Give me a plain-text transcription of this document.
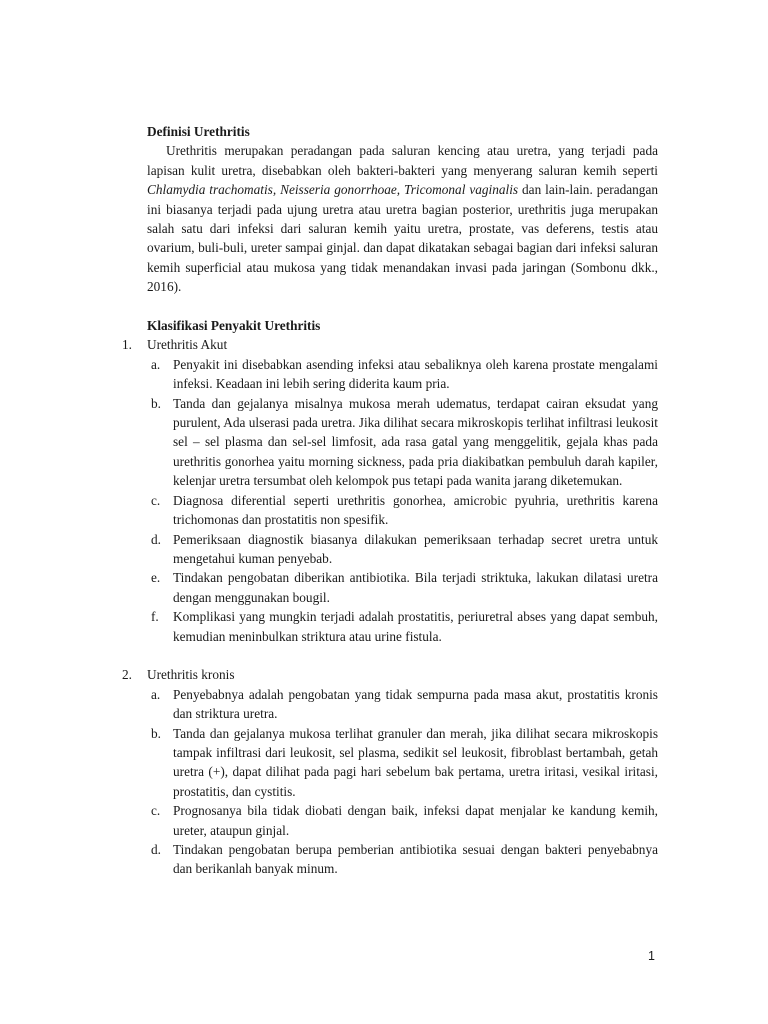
Definisi Urethritis

Urethritis merupakan peradangan pada saluran kencing atau uretra, yang terjadi pada lapisan kulit uretra, disebabkan oleh bakteri-bakteri yang menyerang saluran kemih seperti Chlamydia trachomatis, Neisseria gonorrhoae, Tricomonal vaginalis dan lain-lain. peradangan ini biasanya terjadi pada ujung uretra atau uretra bagian posterior, urethritis juga merupakan salah satu dari infeksi dari saluran kemih yaitu uretra, prostate, vas deferens, testis atau ovarium, buli-buli, ureter sampai ginjal. dan dapat dikatakan sebagai bagian dari infeksi saluran kemih superficial atau mukosa yang tidak menandakan invasi pada jaringan (Sombonu dkk., 2016).

Klasifikasi Penyakit Urethritis

1. Urethritis Akut

a. Penyakit ini disebabkan asending infeksi atau sebaliknya oleh karena prostate mengalami infeksi. Keadaan ini lebih sering diderita kaum pria.
b. Tanda dan gejalanya misalnya mukosa merah udematus, terdapat cairan eksudat yang purulent, Ada ulserasi pada uretra. Jika dilihat secara mikroskopis terlihat infiltrasi leukosit sel – sel plasma dan sel-sel limfosit, ada rasa gatal yang menggelitik, gejala khas pada urethritis gonorhea yaitu morning sickness, pada pria diakibatkan pembuluh darah kapiler, kelenjar uretra tersumbat oleh kelompok pus tetapi pada wanita jarang diketemukan.
c. Diagnosa diferential seperti urethritis gonorhea, amicrobic pyuhria, urethritis karena trichomonas dan prostatitis non spesifik.
d. Pemeriksaan diagnostik biasanya dilakukan pemeriksaan terhadap secret uretra untuk mengetahui kuman penyebab.
e. Tindakan pengobatan diberikan antibiotika. Bila terjadi striktuka, lakukan dilatasi uretra dengan menggunakan bougil.
f. Komplikasi yang mungkin terjadi adalah prostatitis, periuretral abses yang dapat sembuh, kemudian meninbulkan striktura atau urine fistula.

2. Urethritis kronis

a. Penyebabnya adalah pengobatan yang tidak sempurna pada masa akut, prostatitis kronis dan striktura uretra.
b. Tanda dan gejalanya mukosa terlihat granuler dan merah, jika dilihat secara mikroskopis tampak infiltrasi dari leukosit, sel plasma, sedikit sel leukosit, fibroblast bertambah, getah uretra (+), dapat dilihat pada pagi hari sebelum bak pertama, uretra iritasi, vesikal iritasi, prostatitis, dan cystitis.
c. Prognosanya bila tidak diobati dengan baik, infeksi dapat menjalar ke kandung kemih, ureter, ataupun ginjal.
d. Tindakan pengobatan berupa pemberian antibiotika sesuai dengan bakteri penyebabnya dan berikanlah banyak minum.
1
